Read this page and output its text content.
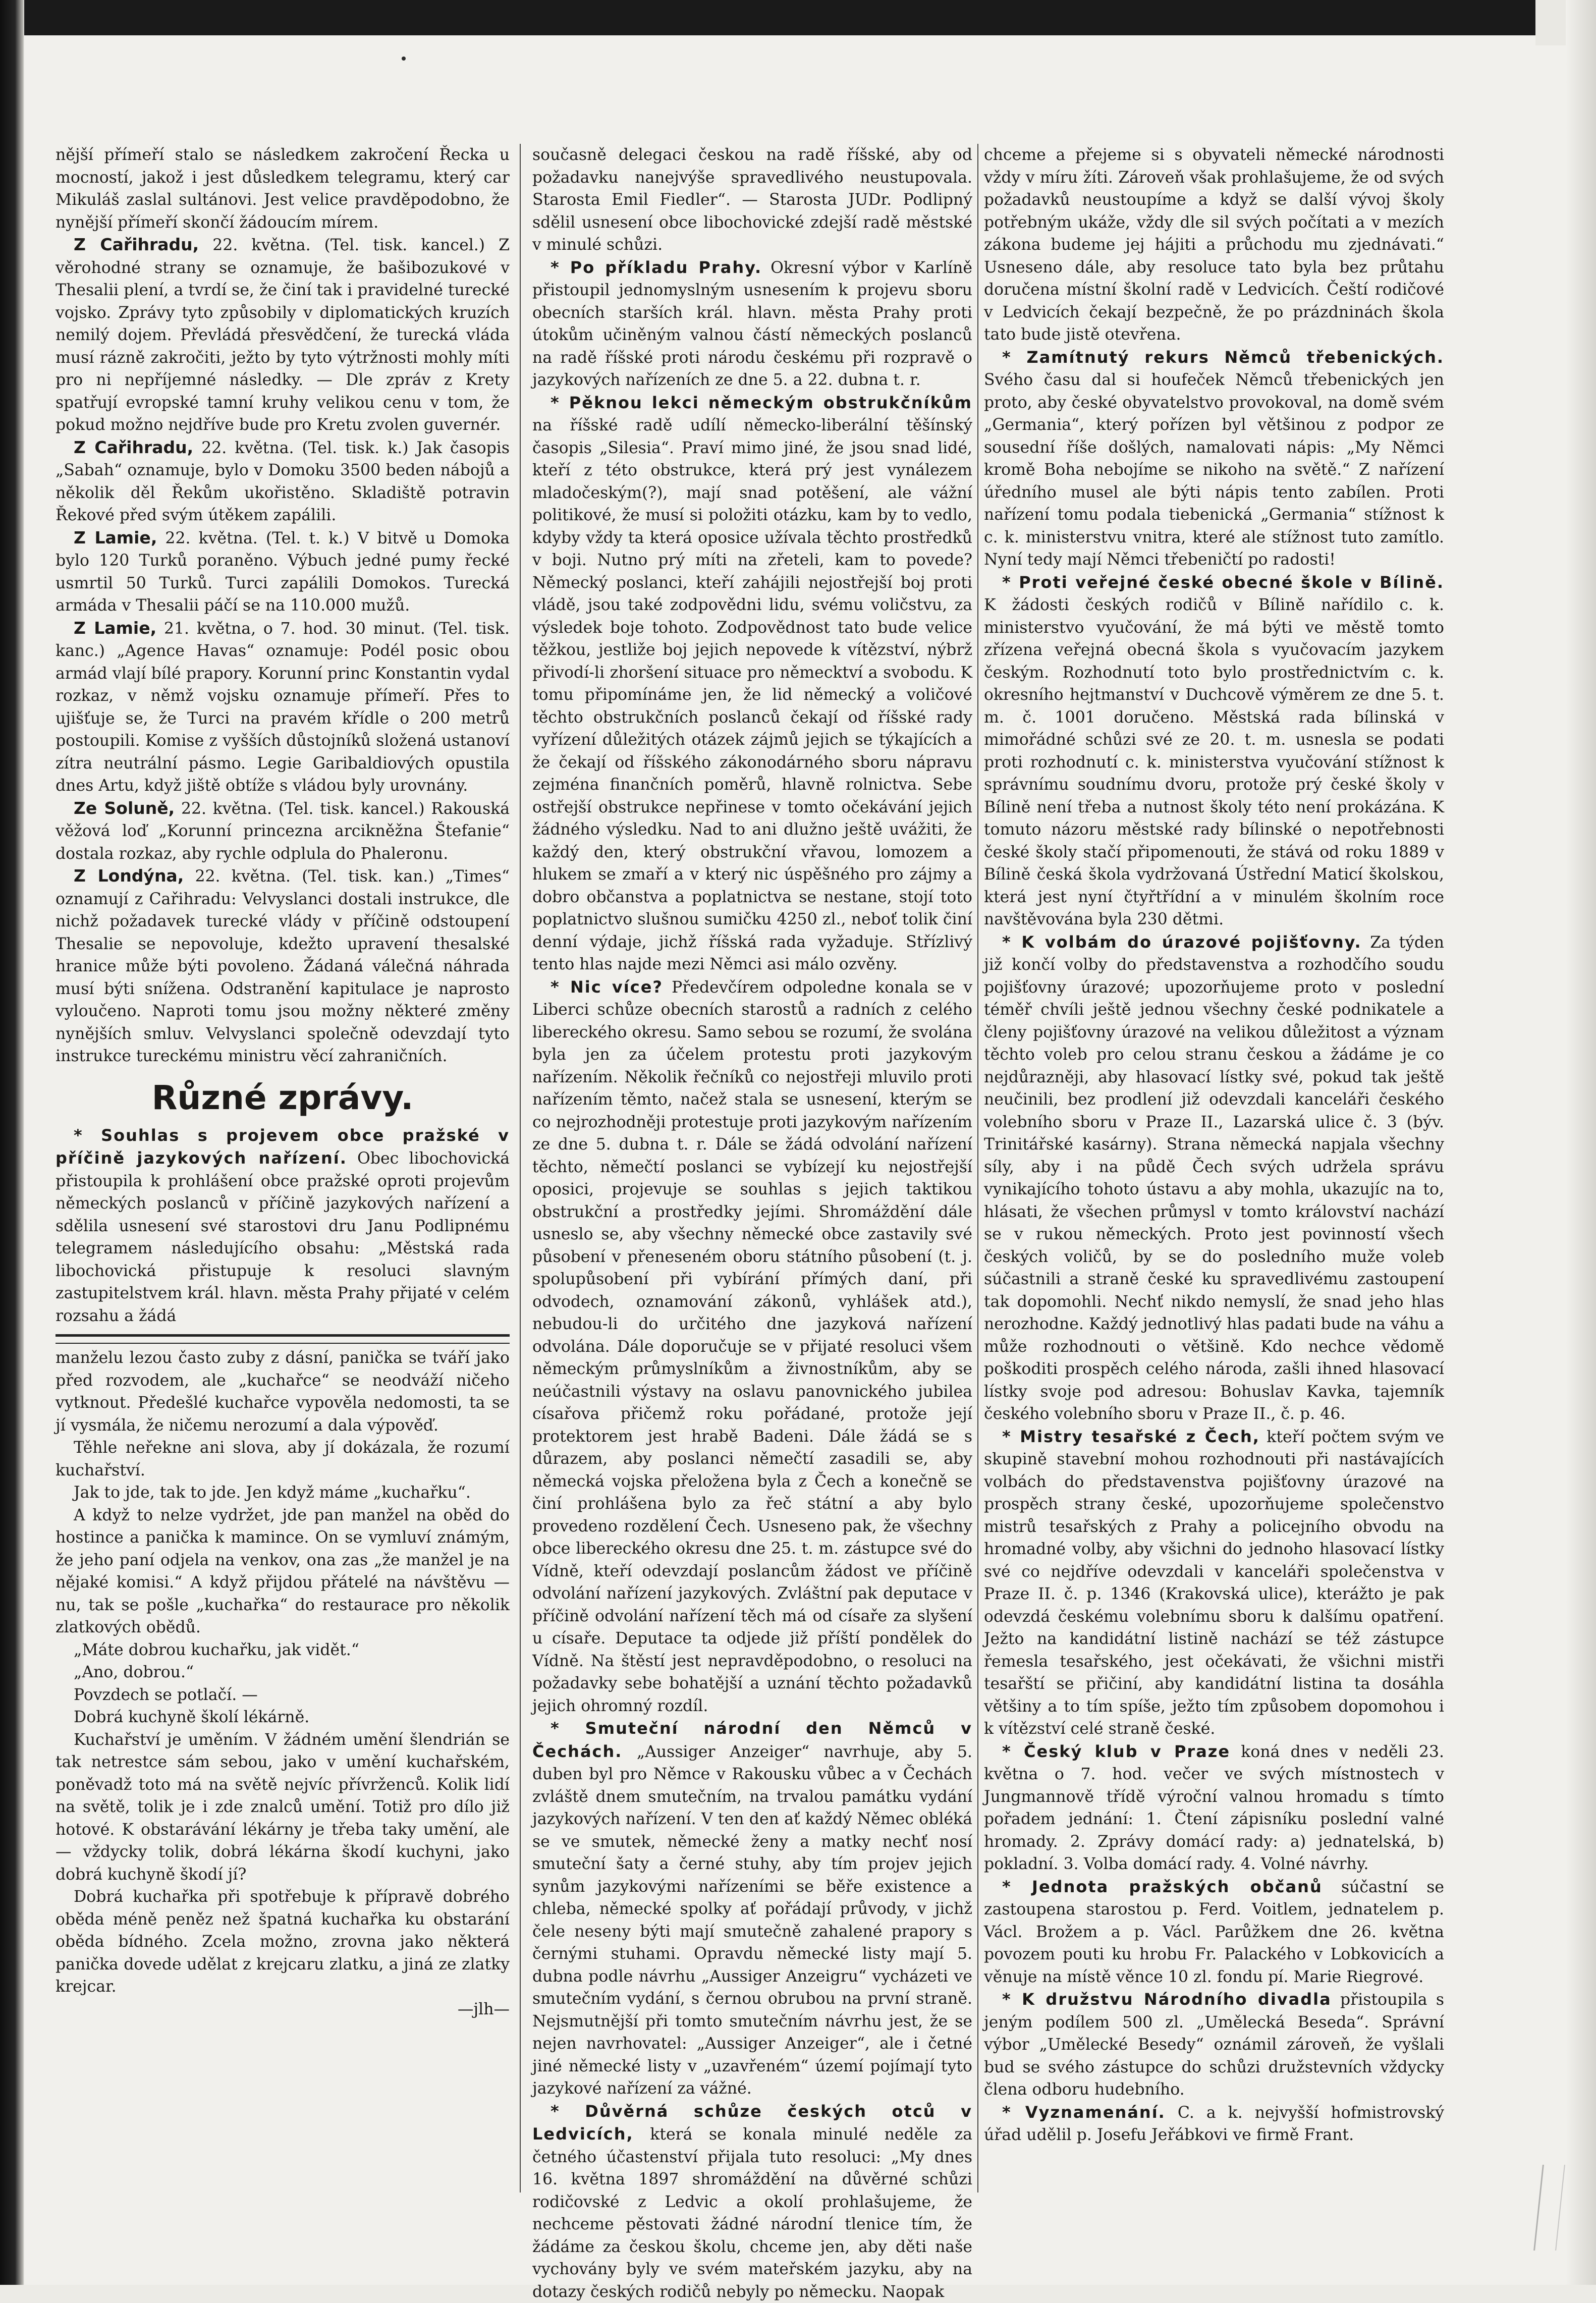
nější přímeří stalo se následkem zakročení Řecka u mocností, jakož i jest důsledkem telegramu, který car Mikuláš zaslal sultánovi. Jest velice pravděpodobno, že nynější přímeří skončí žádoucím mírem.

Z Cařihradu, 22. května. (Tel. tisk. kancel.) Z věrohodné strany se oznamuje, že bašibozukové v Thesalii plení, a tvrdí se, že činí tak i pravidelné turecké vojsko. Zprávy tyto způsobily v diplomatických kruzích nemilý dojem. Převládá přesvědčení, že turecká vláda musí rázně zakročiti, ježto by tyto výtržnosti mohly míti pro ni nepříjemné následky. — Dle zpráv z Krety spatřují evropské tamní kruhy velikou cenu v tom, že pokud možno nejdříve bude pro Kretu zvolen guvernér.

Z Cařihradu, 22. května. (Tel. tisk. k.) Jak časopis „Sabah“ oznamuje, bylo v Domoku 3500 beden nábojů a několik děl Řekům ukořistěno. Skladiště potravin Řekové před svým útěkem zapálili.

Z Lamie, 22. května. (Tel. t. k.) V bitvě u Domoka bylo 120 Turků poraněno. Výbuch jedné pumy řecké usmrtil 50 Turků. Turci zapálili Domokos. Turecká armáda v Thesalii páčí se na 110.000 mužů.

Z Lamie, 21. května, o 7. hod. 30 minut. (Tel. tisk. kanc.) „Agence Havas“ oznamuje: Podél posic obou armád vlají bílé prapory. Korunní princ Konstantin vydal rozkaz, v němž vojsku oznamuje přímeří. Přes to ujišťuje se, že Turci na pravém křídle o 200 metrů postoupili. Komise z vyšších důstojníků složená ustanoví zítra neutrální pásmo. Legie Garibaldiových opustila dnes Artu, když jiště obtíže s vládou byly urovnány.

Ze Soluně, 22. května. (Tel. tisk. kancel.) Rakouská věžová loď „Korunní princezna arcikněžna Štefanie“ dostala rozkaz, aby rychle odplula do Phaleronu.

Z Londýna, 22. května. (Tel. tisk. kan.) „Times“ oznamují z Cařihradu: Velvyslanci dostali instrukce, dle nichž požadavek turecké vlády v příčině odstoupení Thesalie se nepovoluje, kdežto upravení thesalské hranice může býti povoleno. Žádaná válečná náhrada musí býti snížena. Odstranění kapitulace je naprosto vyloučeno. Naproti tomu jsou možny některé změny nynějších smluv. Velvyslanci společně odevzdají tyto instrukce tureckému ministru věcí zahraničních.

Různé zprávy.

* Souhlas s projevem obce pražské v příčině jazykových nařízení. Obec libochovická přistoupila k prohlášení obce pražské oproti projevům německých poslanců v příčině jazykových nařízení a sdělila usnesení své starostovi dru Janu Podlipnému telegramem následujícího obsahu: „Městská rada libochovická přistupuje k resoluci slavným zastupitelstvem král. hlavn. města Prahy přijaté v celém rozsahu a žádá

manželu lezou často zuby z dásní, panička se tváří jako před rozvodem, ale „kuchařce“ se neodváží ničeho vytknout. Předešlé kuchařce vypověla nedomosti, ta se jí vysmála, že ničemu nerozumí a dala výpověď.

Těhle neřekne ani slova, aby jí dokázala, že rozumí kuchařství.

Jak to jde, tak to jde. Jen když máme „kuchařku“.

A když to nelze vydržet, jde pan manžel na oběd do hostince a panička k mamince. On se vymluví známým, že jeho paní odjela na venkov, ona zas „že manžel je na nějaké komisi.“ A když přijdou přátelé na návštěvu — nu, tak se pošle „kuchařka“ do restaurace pro několik zlatkových obědů.

„Máte dobrou kuchařku, jak vidět.“

„Ano, dobrou.“

Povzdech se potlačí. —

Dobrá kuchyně školí lékárně.

Kuchařství je uměním. V žádném umění šlendrián se tak netrestce sám sebou, jako v umění kuchařském, poněvadž toto má na světě nejvíc přívrženců. Kolik lidí na světě, tolik je i zde znalců umění. Totiž pro dílo již hotové. K obstarávání lékárny je třeba taky umění, ale — vždycky tolik, dobrá lékárna škodí kuchyni, jako dobrá kuchyně škodí jí?

Dobrá kuchařka při spotřebuje k přípravě dobrého oběda méně peněz než špatná kuchařka ku obstarání oběda bídného. Zcela možno, zrovna jako některá panička dovede udělat z krejcaru zlatku, a jiná ze zlatky krejcar.

—jlh—

současně delegaci českou na radě říšské, aby od požadavku nanejvýše spravedlivého neustupovala. Starosta Emil Fiedler“. — Starosta JUDr. Podlipný sdělil usnesení obce libochovické zdejší radě městské v minulé schůzi.

* Po příkladu Prahy. Okresní výbor v Karlíně přistoupil jednomyslným usnesením k projevu sboru obecních starších král. hlavn. města Prahy proti útokům učiněným valnou částí německých poslanců na radě říšské proti národu českému při rozpravě o jazykových nařízeních ze dne 5. a 22. dubna t. r.

* Pěknou lekci německým obstrukčníkům na říšské radě udílí německo-liberální těšínský časopis „Silesia“. Praví mimo jiné, že jsou snad lidé, kteří z této obstrukce, která prý jest vynálezem mladočeským(?), mají snad potěšení, ale vážní politikové, že musí si položiti otázku, kam by to vedlo, kdyby vždy ta která oposice užívala těchto prostředků v boji. Nutno prý míti na zřeteli, kam to povede? Německý poslanci, kteří zahájili nejostřejší boj proti vládě, jsou také zodpovědni lidu, svému voličstvu, za výsledek boje tohoto. Zodpovědnost tato bude velice těžkou, jestliže boj jejich nepovede k vítězství, nýbrž přivodí-li zhoršení situace pro německtví a svobodu. K tomu připomínáme jen, že lid německý a voličové těchto obstrukčních poslanců čekají od říšské rady vyřízení důležitých otázek zájmů jejich se týkajících a že čekají od říšského zákonodárného sboru nápravu zejména finančních poměrů, hlavně rolnictva. Sebe ostřejší obstrukce nepřinese v tomto očekávání jejich žádného výsledku. Nad to ani dlužno ještě uvážiti, že každý den, který obstrukční vřavou, lomozem a hlukem se zmaří a v který nic úspěšného pro zájmy a dobro občanstva a poplatnictva se nestane, stojí toto poplatnictvo slušnou sumičku 4250 zl., neboť tolik činí denní výdaje, jichž říšská rada vyžaduje. Střízlivý tento hlas najde mezi Němci asi málo ozvěny.

* Nic více? Předevčírem odpoledne konala se v Liberci schůze obecních starostů a radních z celého libereckého okresu. Samo sebou se rozumí, že svolána byla jen za účelem protestu proti jazykovým nařízením. Několik řečníků co nejostřeji mluvilo proti nařízením těmto, načež stala se usnesení, kterým se co nejrozhodněji protestuje proti jazykovým nařízením ze dne 5. dubna t. r. Dále se žádá odvolání nařízení těchto, němečtí poslanci se vybízejí ku nejostřejší oposici, projevuje se souhlas s jejich taktikou obstrukční a prostředky jejími. Shromáždění dále usneslo se, aby všechny německé obce zastavily své působení v přeneseném oboru státního působení (t. j. spolupůsobení při vybírání přímých daní, při odvodech, oznamování zákonů, vyhlášek atd.), nebudou-li do určitého dne jazyková nařízení odvolána. Dále doporučuje se v přijaté resoluci všem německým průmyslníkům a živnostníkům, aby se neúčastnili výstavy na oslavu panovnického jubilea císařova přičemž roku pořádané, protože její protektorem jest hrabě Badeni. Dále žádá se s důrazem, aby poslanci němečtí zasadili se, aby německá vojska přeložena byla z Čech a konečně se činí prohlášena bylo za řeč státní a aby bylo provedeno rozdělení Čech. Usneseno pak, že všechny obce libereckého okresu dne 25. t. m. zástupce své do Vídně, kteří odevzdají poslancům žádost ve příčině odvolání nařízení jazykových. Zvláštní pak deputace v příčině odvolání nařízení těch má od císaře za slyšení u císaře. Deputace ta odjede již příští pondělek do Vídně. Na štěstí jest nepravděpodobno, o resoluci na požadavky sebe bohatější a uznání těchto požadavků jejich ohromný rozdíl.

* Smuteční národní den Němců v Čechách. „Aussiger Anzeiger“ navrhuje, aby 5. duben byl pro Němce v Rakousku vůbec a v Čechách zvláště dnem smutečním, na trvalou památku vydání jazykových nařízení. V ten den ať každý Němec obléká se ve smutek, německé ženy a matky nechť nosí smuteční šaty a černé stuhy, aby tím projev jejich synům jazykovými nařízeními se běře existence a chleba, německé spolky ať pořádají průvody, v jichž čele neseny býti mají smutečně zahalené prapory s černými stuhami. Opravdu německé listy mají 5. dubna podle návrhu „Aussiger Anzeigru“ vycházeti ve smutečním vydání, s černou obrubou na první straně. Nejsmutnější při tomto smutečním návrhu jest, že se nejen navrhovatel: „Aussiger Anzeiger“, ale i četné jiné německé listy v „uzavřeném“ území pojímají tyto jazykové nařízení za vážné.

* Důvěrná schůze českých otců v Ledvicích, která se konala minulé neděle za četného účastenství přijala tuto resoluci: „My dnes 16. května 1897 shromáždění na důvěrné schůzi rodičovské z Ledvic a okolí prohlašujeme, že nechceme pěstovati žádné národní tlenice tím, že žádáme za českou školu, chceme jen, aby děti naše vychovány byly ve svém mateřském jazyku, aby na dotazy českých rodičů nebyly po německu. Naopak

chceme a přejeme si s obyvateli německé národnosti vždy v míru žíti. Zároveň však prohlašujeme, že od svých požadavků neustoupíme a když se další vývoj školy potřebným ukáže, vždy dle sil svých počítati a v mezích zákona budeme jej hájiti a průchodu mu zjednávati.“ Usneseno dále, aby resoluce tato byla bez průtahu doručena místní školní radě v Ledvicích. Čeští rodičové v Ledvicích čekají bezpečně, že po prázdninách škola tato bude jistě otevřena.

* Zamítnutý rekurs Němců třebenických. Svého času dal si houfeček Němců třebenických jen proto, aby české obyvatelstvo provokoval, na domě svém „Germania“, který pořízen byl většinou z podpor ze sousední říše došlých, namalovati nápis: „My Němci kromě Boha nebojíme se nikoho na světě.“ Z nařízení úředního musel ale býti nápis tento zabílen. Proti nařízení tomu podala tiebenická „Germania“ stížnost k c. k. ministerstvu vnitra, které ale stížnost tuto zamítlo. Nyní tedy mají Němci třebeničtí po radosti!

* Proti veřejné české obecné škole v Bílině. K žádosti českých rodičů v Bílině nařídilo c. k. ministerstvo vyučování, že má býti ve městě tomto zřízena veřejná obecná škola s vyučovacím jazykem českým. Rozhodnutí toto bylo prostřednictvím c. k. okresního hejtmanství v Duchcově výměrem ze dne 5. t. m. č. 1001 doručeno. Městská rada bílinská v mimořádné schůzi své ze 20. t. m. usnesla se podati proti rozhodnutí c. k. ministerstva vyučování stížnost k správnímu soudnímu dvoru, protože prý české školy v Bílině není třeba a nutnost školy této není prokázána. K tomuto názoru městské rady bílinské o nepotřebnosti české školy stačí připomenouti, že stává od roku 1889 v Bílině česká škola vydržovaná Ústřední Maticí školskou, která jest nyní čtyřtřídní a v minulém školním roce navštěvována byla 230 dětmi.

* K volbám do úrazové pojišťovny. Za týden již končí volby do představenstva a rozhodčího soudu pojišťovny úrazové; upozorňujeme proto v poslední téměř chvíli ještě jednou všechny české podnikatele a členy pojišťovny úrazové na velikou důležitost a význam těchto voleb pro celou stranu českou a žádáme je co nejdůrazněji, aby hlasovací lístky své, pokud tak ještě neučinili, bez prodlení již odevzdali kanceláři českého volebního sboru v Praze II., Lazarská ulice č. 3 (býv. Trinitářské kasárny). Strana německá napjala všechny síly, aby i na půdě Čech svých udržela správu vynikajícího tohoto ústavu a aby mohla, ukazujíc na to, hlásati, že všechen průmysl v tomto království nachází se v rukou německých. Proto jest povinností všech českých voličů, by se do posledního muže voleb súčastnili a straně české ku spravedlivému zastoupení tak dopomohli. Nechť nikdo nemyslí, že snad jeho hlas nerozhodne. Každý jednotlivý hlas padati bude na váhu a může rozhodnouti o většině. Kdo nechce vědomě poškoditi prospěch celého národa, zašli ihned hlasovací lístky svoje pod adresou: Bohuslav Kavka, tajemník českého volebního sboru v Praze II., č. p. 46.

* Mistry tesařské z Čech, kteří počtem svým ve skupině stavební mohou rozhodnouti při nastávajících volbách do představenstva pojišťovny úrazové na prospěch strany české, upozorňujeme společenstvo mistrů tesařských z Prahy a policejního obvodu na hromadné volby, aby všichni do jednoho hlasovací lístky své co nejdříve odevzdali v kanceláři společenstva v Praze II. č. p. 1346 (Krakovská ulice), kterážto je pak odevzdá českému volebnímu sboru k dalšímu opatření. Ježto na kandidátní listině nachází se též zástupce řemesla tesařského, jest očekávati, že všichni mistři tesařští se přičiní, aby kandidátní listina ta dosáhla většiny a to tím spíše, ježto tím způsobem dopomohou i k vítězství celé straně české.

* Český klub v Praze koná dnes v neděli 23. května o 7. hod. večer ve svých místnostech v Jungmannově třídě výroční valnou hromadu s tímto pořadem jednání: 1. Čtení zápisníku poslední valné hromady. 2. Zprávy domácí rady: a) jednatelská, b) pokladní. 3. Volba domácí rady. 4. Volné návrhy.

* Jednota pražských občanů súčastní se zastoupena starostou p. Ferd. Voitlem, jednatelem p. Václ. Brožem a p. Václ. Parůžkem dne 26. května povozem pouti ku hrobu Fr. Palackého v Lobkovicích a věnuje na místě věnce 10 zl. fondu pí. Marie Riegrové.

* K družstvu Národního divadla přistoupila s jeným podílem 500 zl. „Umělecká Beseda“. Správní výbor „Umělecké Besedy“ oznámil zároveň, že vyšlali bud se svého zástupce do schůzi družstevních vždycky člena odboru hudebního.

* Vyznamenání. C. a k. nejvyšší hofmistrovský úřad udělil p. Josefu Jeřábkovi ve firmě Frant.
